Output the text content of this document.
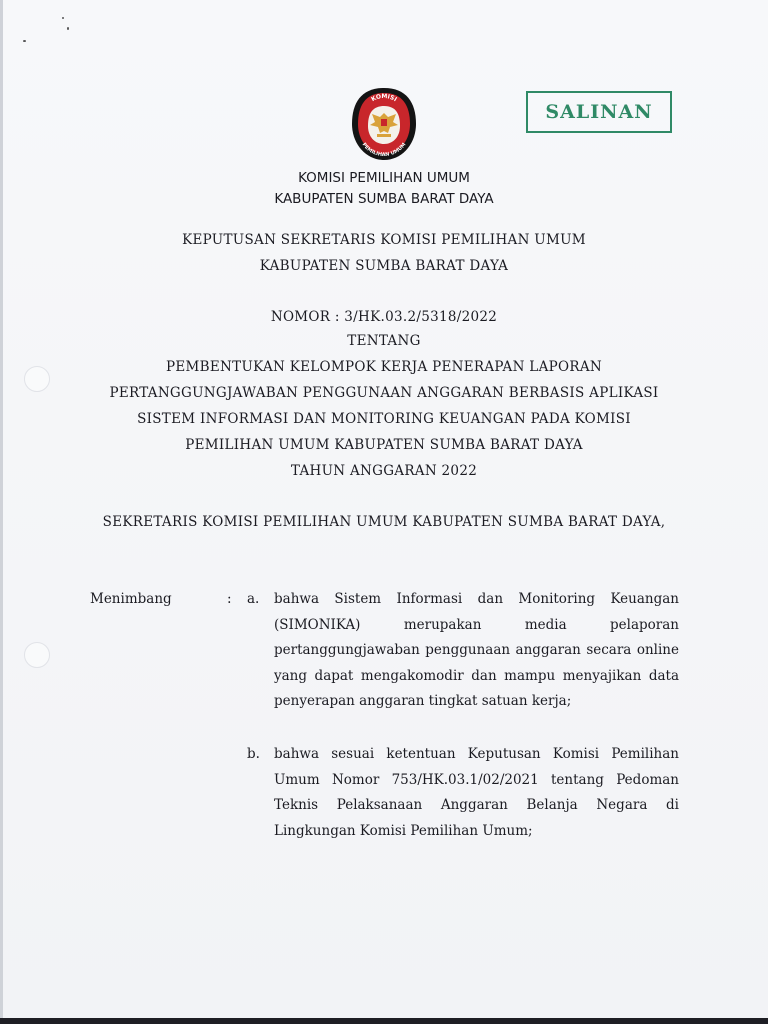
KOMISI
PEMILIHAN UMUM
SALINAN
KOMISI PEMILIHAN UMUM
KABUPATEN SUMBA BARAT DAYA
KEPUTUSAN SEKRETARIS KOMISI PEMILIHAN UMUM
KABUPATEN SUMBA BARAT DAYA
NOMOR : 3/HK.03.2/5318/2022
TENTANG
PEMBENTUKAN KELOMPOK KERJA PENERAPAN LAPORAN
PERTANGGUNGJAWABAN PENGGUNAAN ANGGARAN BERBASIS APLIKASI
SISTEM INFORMASI DAN MONITORING KEUANGAN PADA KOMISI
PEMILIHAN UMUM KABUPATEN SUMBA BARAT DAYA
TAHUN ANGGARAN 2022
SEKRETARIS KOMISI PEMILIHAN UMUM KABUPATEN SUMBA BARAT DAYA,
Menimbang	: a. bahwa Sistem Informasi dan Monitoring Keuangan (SIMONIKA) merupakan media pelaporan pertanggungjawaban penggunaan anggaran secara online yang dapat mengakomodir dan mampu menyajikan data penyerapan anggaran tingkat satuan kerja;
b. bahwa sesuai ketentuan Keputusan Komisi Pemilihan Umum Nomor 753/HK.03.1/02/2021 tentang Pedoman Teknis Pelaksanaan Anggaran Belanja Negara di Lingkungan Komisi Pemilihan Umum;
